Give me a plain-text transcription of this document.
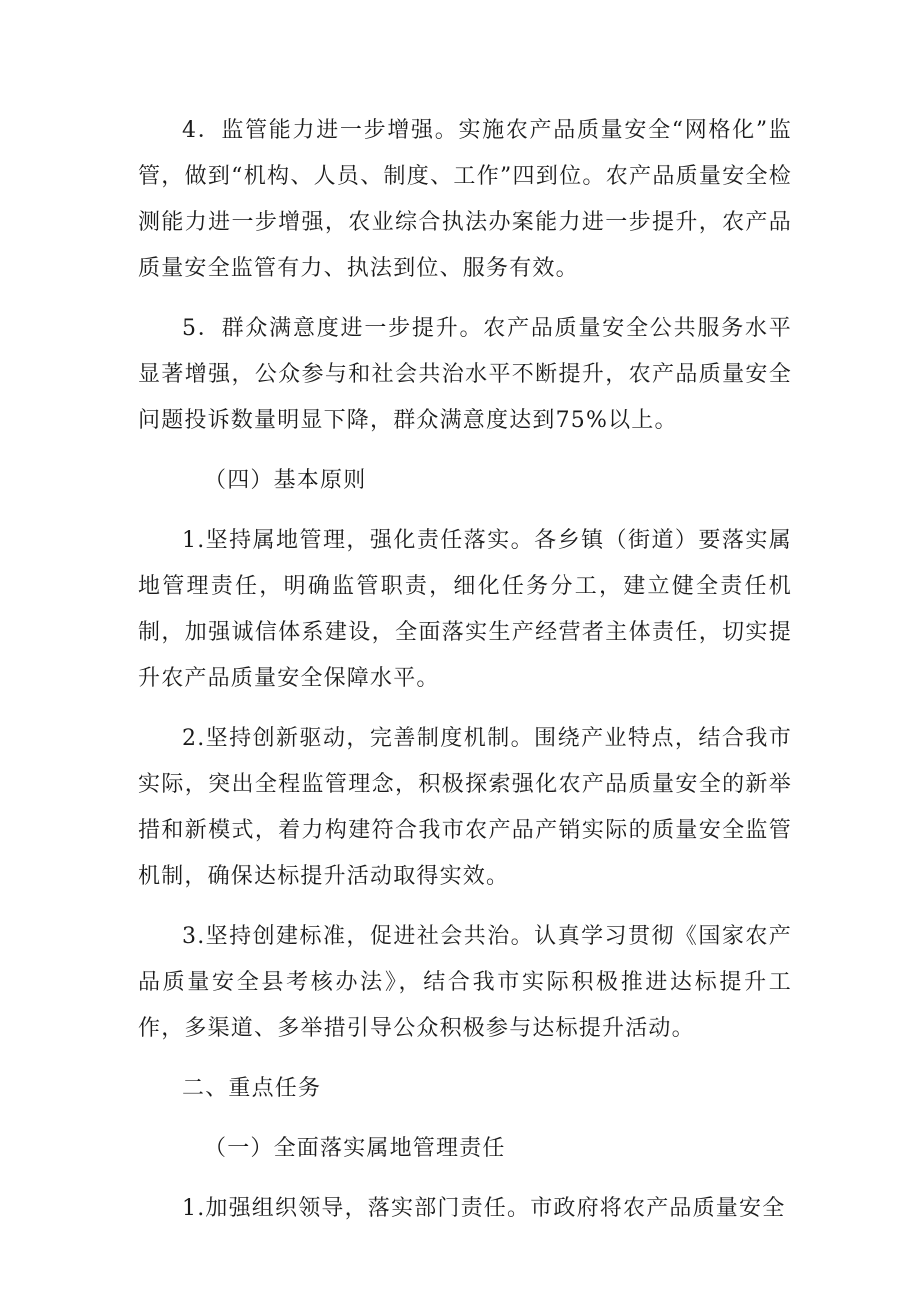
4．监管能力进一步增强。实施农产品质量安全“网格化”监管，做到“机构、人员、制度、工作”四到位。农产品质量安全检测能力进一步增强，农业综合执法办案能力进一步提升，农产品质量安全监管有力、执法到位、服务有效。

5．群众满意度进一步提升。农产品质量安全公共服务水平显著增强，公众参与和社会共治水平不断提升，农产品质量安全问题投诉数量明显下降，群众满意度达到75%以上。

（四）基本原则

1.坚持属地管理，强化责任落实。各乡镇（街道）要落实属地管理责任，明确监管职责，细化任务分工，建立健全责任机制，加强诚信体系建设，全面落实生产经营者主体责任，切实提升农产品质量安全保障水平。

2.坚持创新驱动，完善制度机制。围绕产业特点，结合我市实际，突出全程监管理念，积极探索强化农产品质量安全的新举措和新模式，着力构建符合我市农产品产销实际的质量安全监管机制，确保达标提升活动取得实效。

3.坚持创建标准，促进社会共治。认真学习贯彻《国家农产品质量安全县考核办法》，结合我市实际积极推进达标提升工作，多渠道、多举措引导公众积极参与达标提升活动。

二、重点任务

（一）全面落实属地管理责任

1.加强组织领导，落实部门责任。市政府将农产品质量安全
